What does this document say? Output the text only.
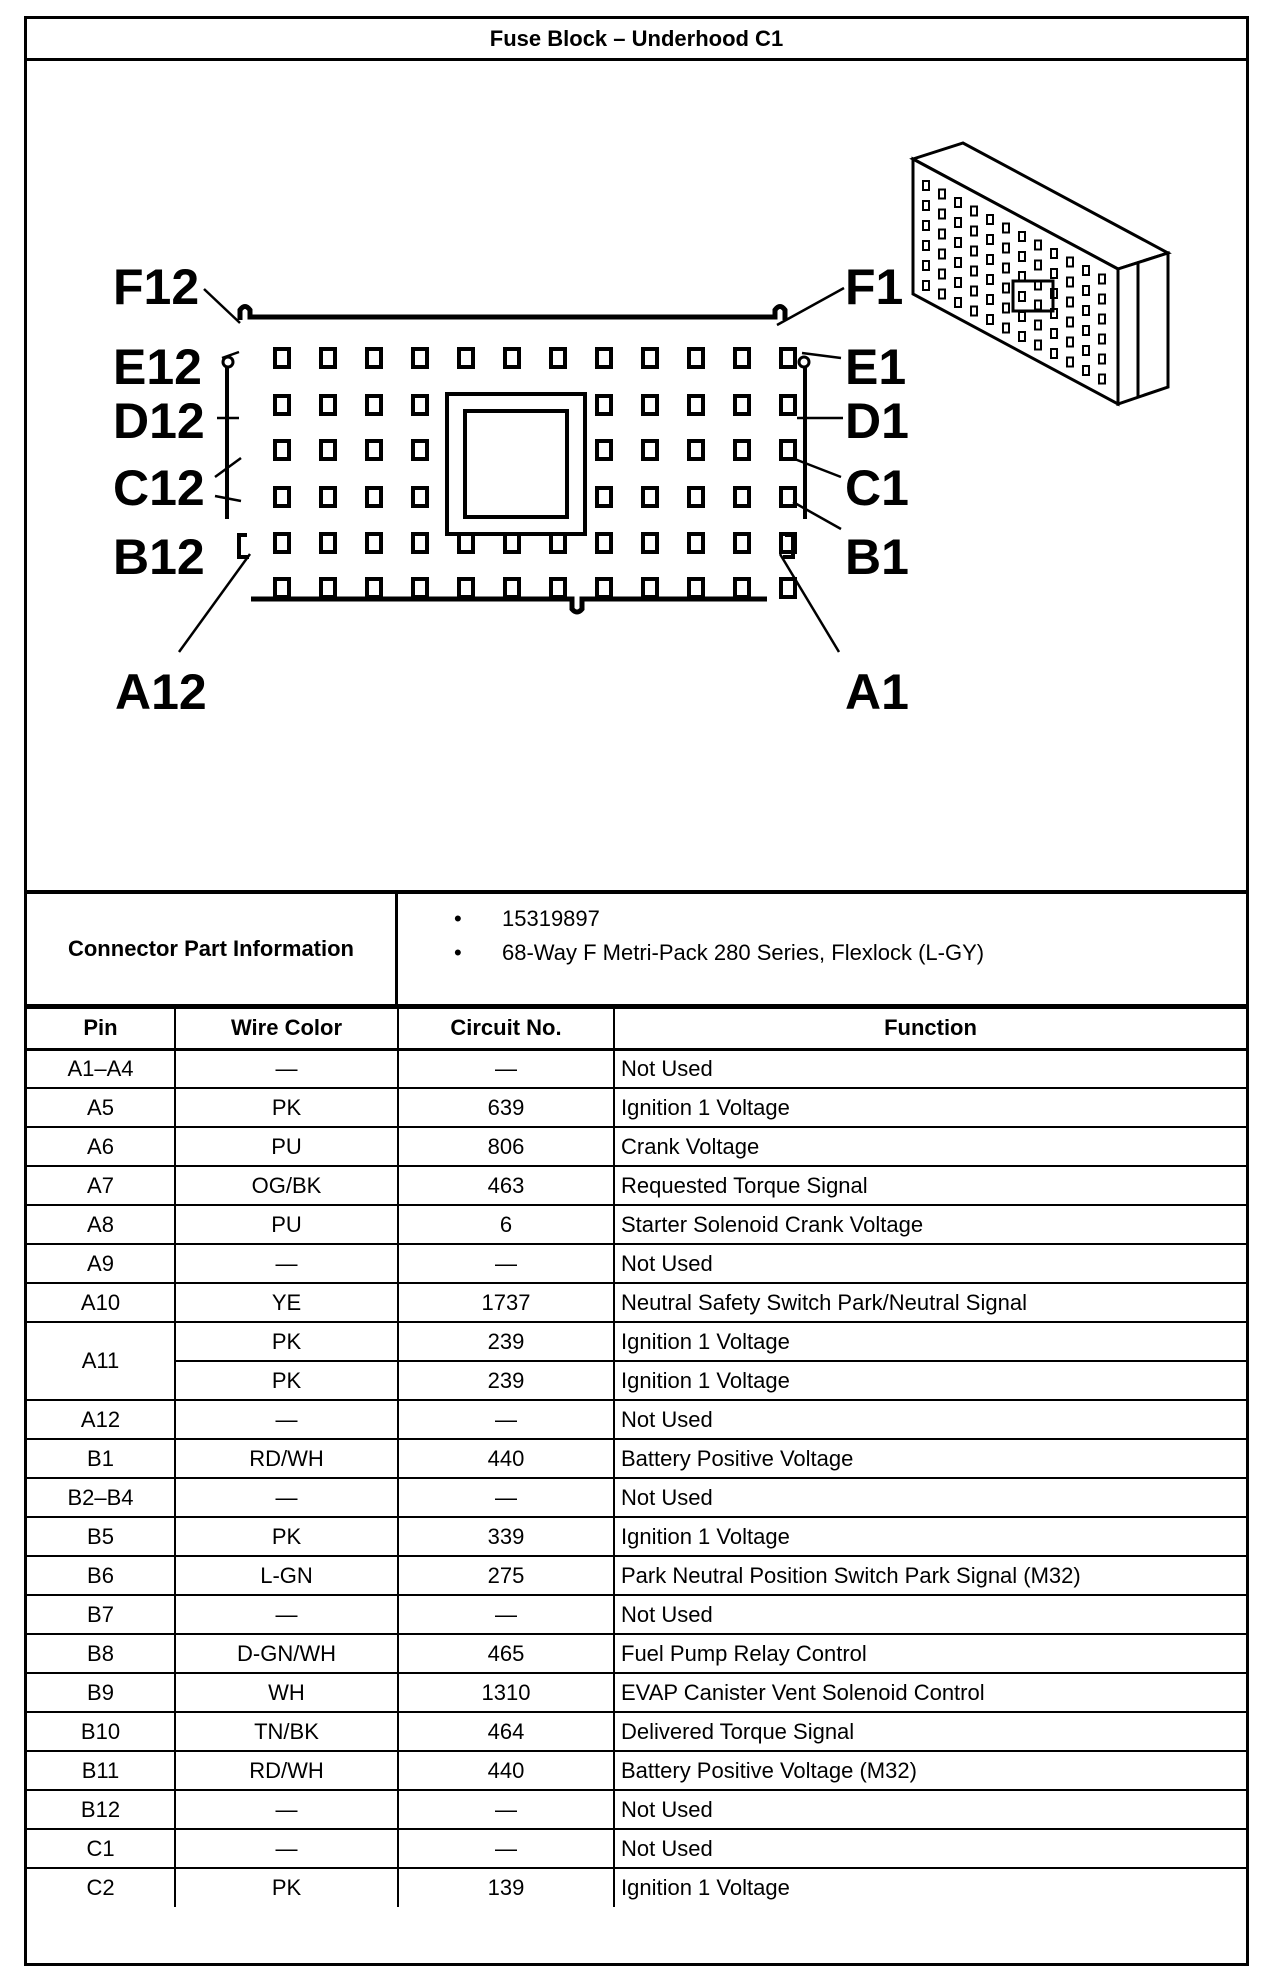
Fuse Block – Underhood C1
F12
E12
D12
C12
B12
A12
F1
E1
D1
C1
B1
A1
Connector Part Information
• 15319897
• 68-Way F Metri-Pack 280 Series, Flexlock (L-GY)
Pin	Wire Color	Circuit No.	Function
A1–A4	—	—	Not Used
A5	PK	639	Ignition 1 Voltage
A6	PU	806	Crank Voltage
A7	OG/BK	463	Requested Torque Signal
A8	PU	6	Starter Solenoid Crank Voltage
A9	—	—	Not Used
A10	YE	1737	Neutral Safety Switch Park/Neutral Signal
A11	PK	239	Ignition 1 Voltage
	PK	239	Ignition 1 Voltage
A12	—	—	Not Used
B1	RD/WH	440	Battery Positive Voltage
B2–B4	—	—	Not Used
B5	PK	339	Ignition 1 Voltage
B6	L-GN	275	Park Neutral Position Switch Park Signal (M32)
B7	—	—	Not Used
B8	D-GN/WH	465	Fuel Pump Relay Control
B9	WH	1310	EVAP Canister Vent Solenoid Control
B10	TN/BK	464	Delivered Torque Signal
B11	RD/WH	440	Battery Positive Voltage (M32)
B12	—	—	Not Used
C1	—	—	Not Used
C2	PK	139	Ignition 1 Voltage
